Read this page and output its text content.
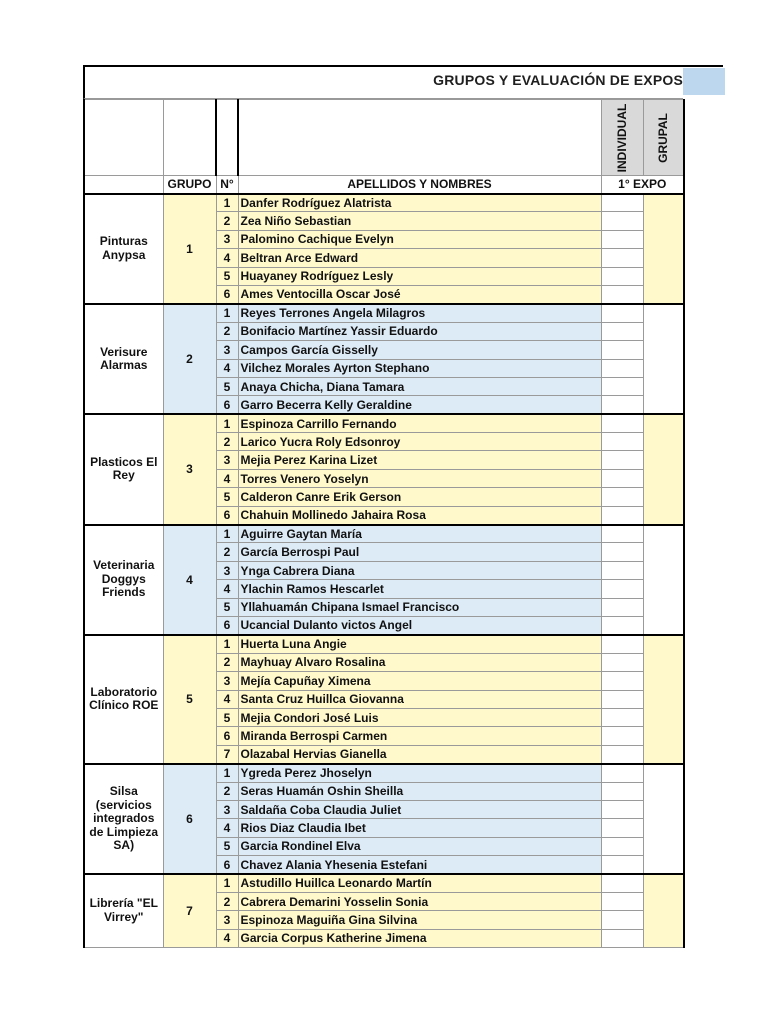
GRUPOS Y EVALUACIÓN DE EXPOS

				INDIVIDUAL	GRUPAL

	GRUPO	N°	APELLIDOS Y NOMBRES	1° EXPO	
Pinturas Anypsa	1	1	Danfer Rodríguez Alatrista		
		2	Zea Niño Sebastian		
		3	Palomino Cachique Evelyn		
		4	Beltran Arce Edward		
		5	Huayaney Rodríguez Lesly		
		6	Ames Ventocilla Oscar José		
Verisure Alarmas	2	1	Reyes Terrones Angela Milagros		
		2	Bonifacio Martínez Yassir Eduardo		
		3	Campos García Gisselly		
		4	Vilchez Morales Ayrton Stephano		
		5	Anaya Chicha, Diana Tamara		
		6	Garro Becerra Kelly Geraldine		
Plasticos El Rey	3	1	Espinoza Carrillo Fernando		
		2	Larico Yucra Roly Edsonroy		
		3	Mejia Perez Karina Lizet		
		4	Torres Venero Yoselyn		
		5	Calderon Canre Erik Gerson		
		6	Chahuin Mollinedo Jahaira Rosa		
Veterinaria Doggys Friends	4	1	Aguirre Gaytan María		
		2	García Berrospi Paul		
		3	Ynga Cabrera Diana		
		4	Ylachin Ramos Hescarlet		
		5	Yllahuamán Chipana Ismael Francisco		
		6	Ucancial Dulanto victos Angel		
Laboratorio Clínico ROE	5	1	Huerta Luna Angie		
		2	Mayhuay Alvaro Rosalina		
		3	Mejía Capuñay Ximena		
		4	Santa Cruz Huillca Giovanna		
		5	Mejia Condori José Luis		
		6	Miranda Berrospi Carmen		
		7	Olazabal Hervias Gianella		
Silsa (servicios integrados de Limpieza SA)	6	1	Ygreda Perez Jhoselyn		
		2	Seras Huamán Oshin Sheilla		
		3	Saldaña Coba Claudia Juliet		
		4	Rios Diaz Claudia Ibet		
		5	Garcia Rondinel Elva		
		6	Chavez Alania Yhesenia Estefani		
Librería "EL Virrey"	7	1	Astudillo Huillca Leonardo Martín		
		2	Cabrera Demarini Yosselin Sonia		
		3	Espinoza Maguiña Gina Silvina		
		4	Garcia Corpus Katherine Jimena		
